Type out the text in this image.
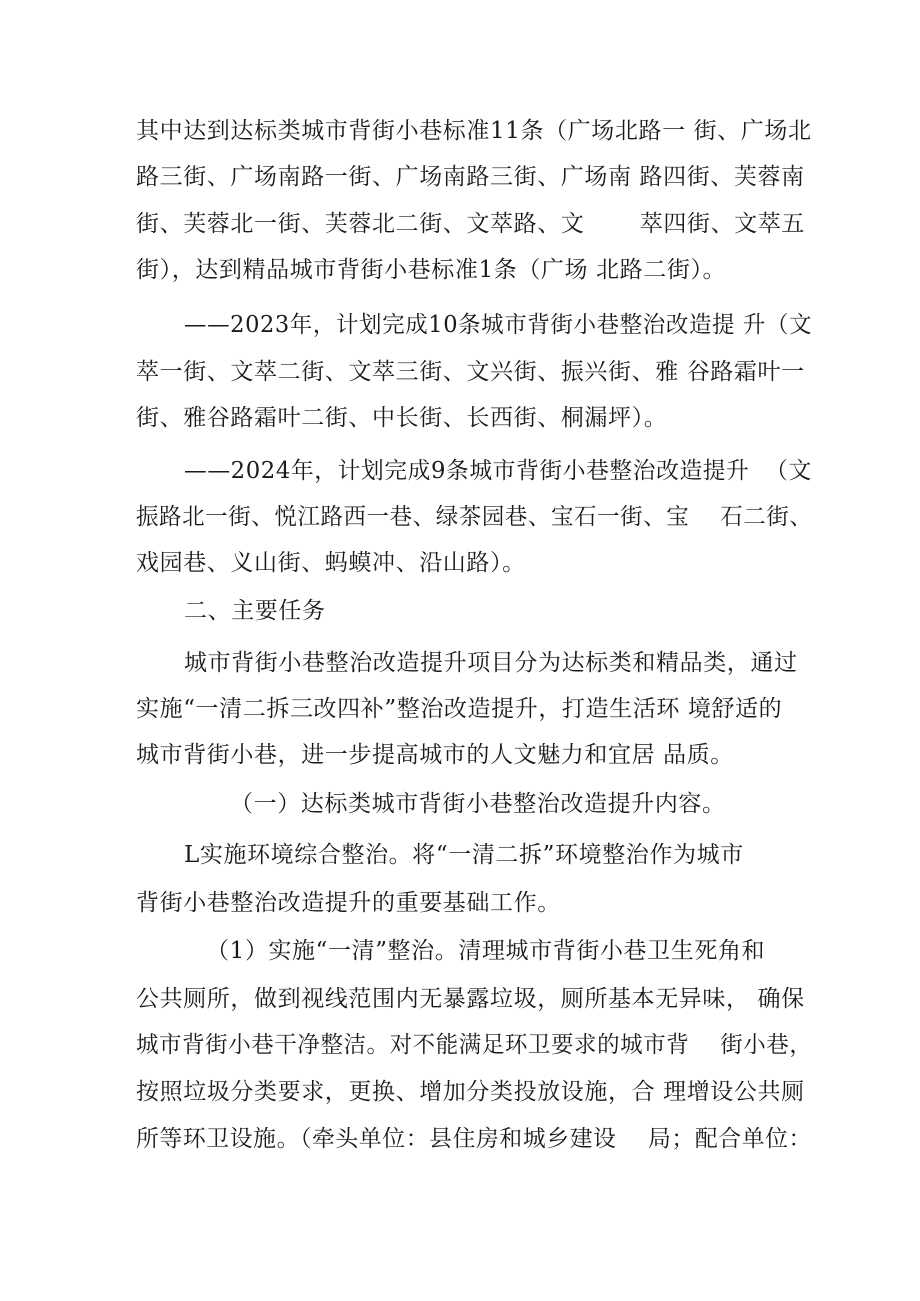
其中达到达标类城市背街小巷标准11条（广场北路一 街、广场北
路三街、广场南路一街、广场南路三街、广场南 路四街、芙蓉南
街、芙蓉北一街、芙蓉北二街、文萃路、文       萃四街、文萃五
街），达到精品城市背街小巷标准1条（广场 北路二街）。
——2023年，计划完成10条城市背街小巷整治改造提 升（文
萃一街、文萃二街、文萃三街、文兴街、振兴街、雅 谷路霜叶一
街、雅谷路霜叶二街、中长街、长西街、桐漏坪）。
——2024年，计划完成9条城市背街小巷整治改造提升  （文
振路北一街、悦江路西一巷、绿茶园巷、宝石一街、宝    石二街、
戏园巷、义山街、蚂蟆冲、沿山路）。
二、主要任务
城市背街小巷整治改造提升项目分为达标类和精品类，通过
实施“一清二拆三改四补”整治改造提升，打造生活环 境舒适的
城市背街小巷，进一步提高城市的人文魅力和宜居 品质。
（一）达标类城市背街小巷整治改造提升内容。
L实施环境综合整治。将“一清二拆”环境整治作为城市
背街小巷整治改造提升的重要基础工作。
（1）实施“一清”整治。清理城市背街小巷卫生死角和
公共厕所，做到视线范围内无暴露垃圾，厕所基本无异味， 确保
城市背街小巷干净整洁。对不能满足环卫要求的城市背    街小巷，
按照垃圾分类要求，更换、增加分类投放设施，合 理增设公共厕
所等环卫设施。（牵头单位：县住房和城乡建设    局；配合单位：
